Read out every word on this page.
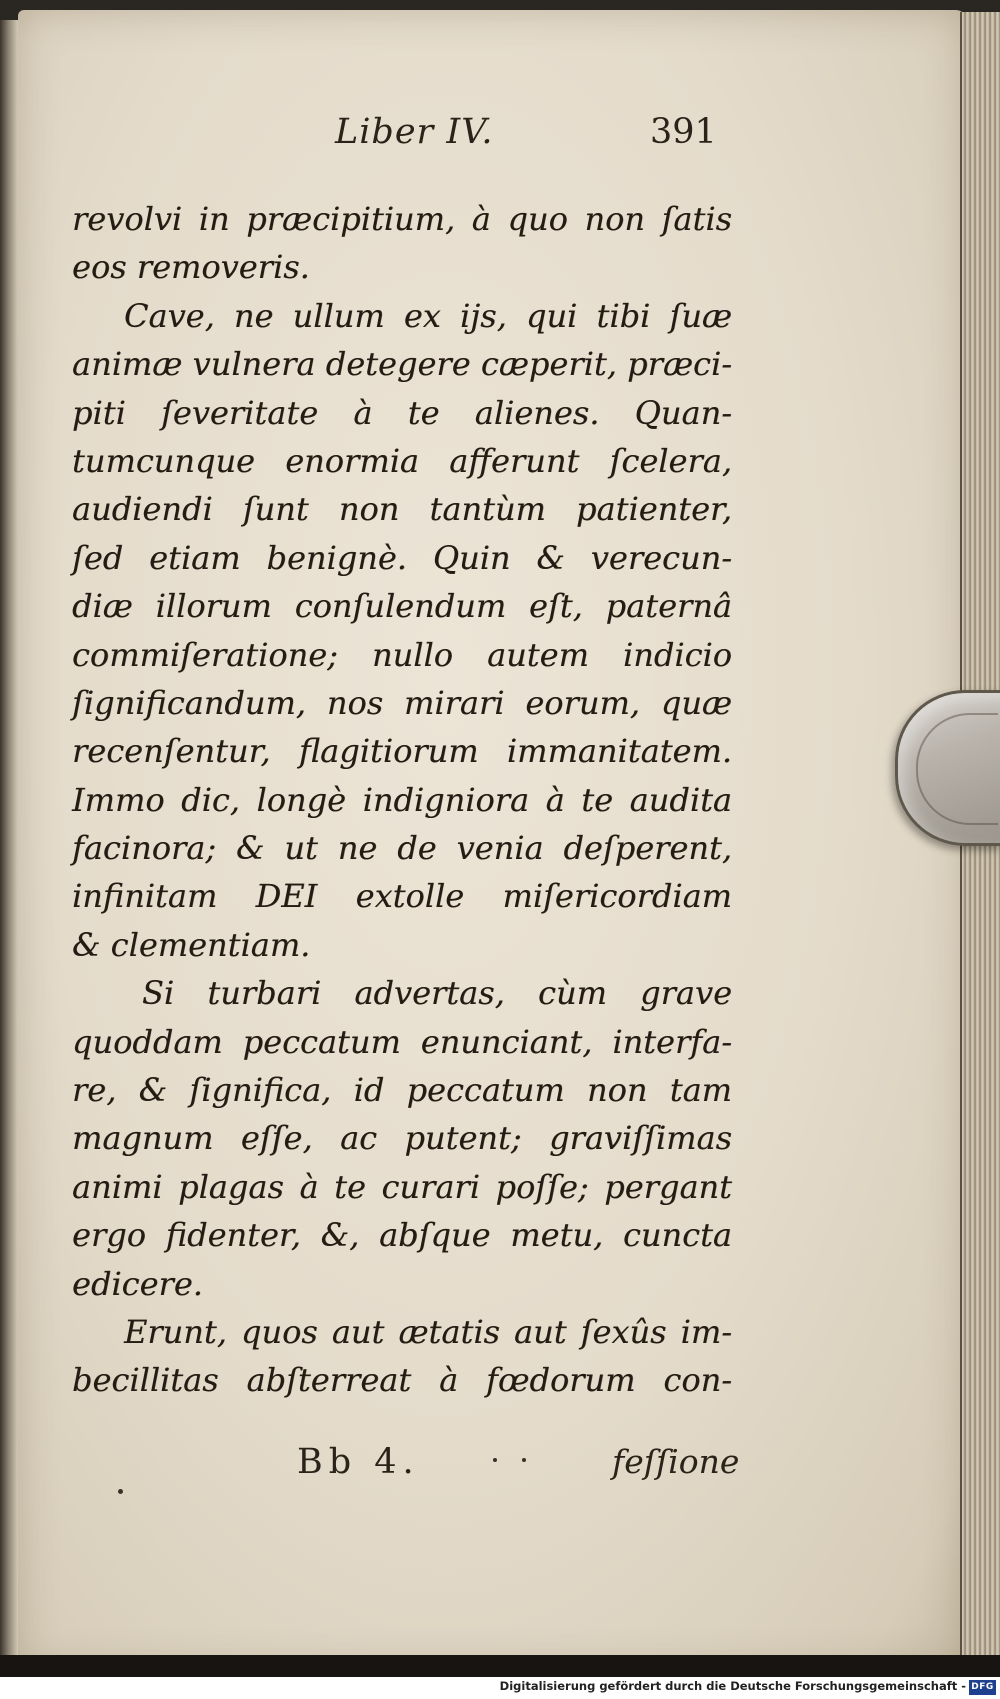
Liber IV.	391
revolvi in præcipitium, à quo non ſatis
eos removeris.
Cave, ne ullum ex ijs, qui tibi ſuæ
animæ vulnera detegere cæperit, præci-
piti ſeveritate à te alienes. Quan-
tumcunque enormia afferunt ſcelera,
audiendi ſunt non tantùm patienter,
ſed etiam benignè. Quin & verecun-
diæ illorum conſulendum eſt, paternâ
commiſeratione; nullo autem indicio
ſignificandum, nos mirari eorum, quæ
recenſentur, flagitiorum immanitatem.
Immo dic, longè indigniora à te audita
facinora; & ut ne de venia deſperent,
infinitam DEI extolle miſericordiam
& clementiam.
Si turbari advertas, cùm grave
quoddam peccatum enunciant, interfa-
re, & ſignifica, id peccatum non tam
magnum eſſe, ac putent; graviſſimas
animi plagas à te curari poſſe; pergant
ergo fidenter, &, abſque metu, cuncta
edicere.
Erunt, quos aut ætatis aut ſexûs im-
becillitas abſterreat à fœdorum con-
Bb 4.	feſſione
Digitalisierung gefördert durch die Deutsche Forschungsgemeinschaft - DFG
